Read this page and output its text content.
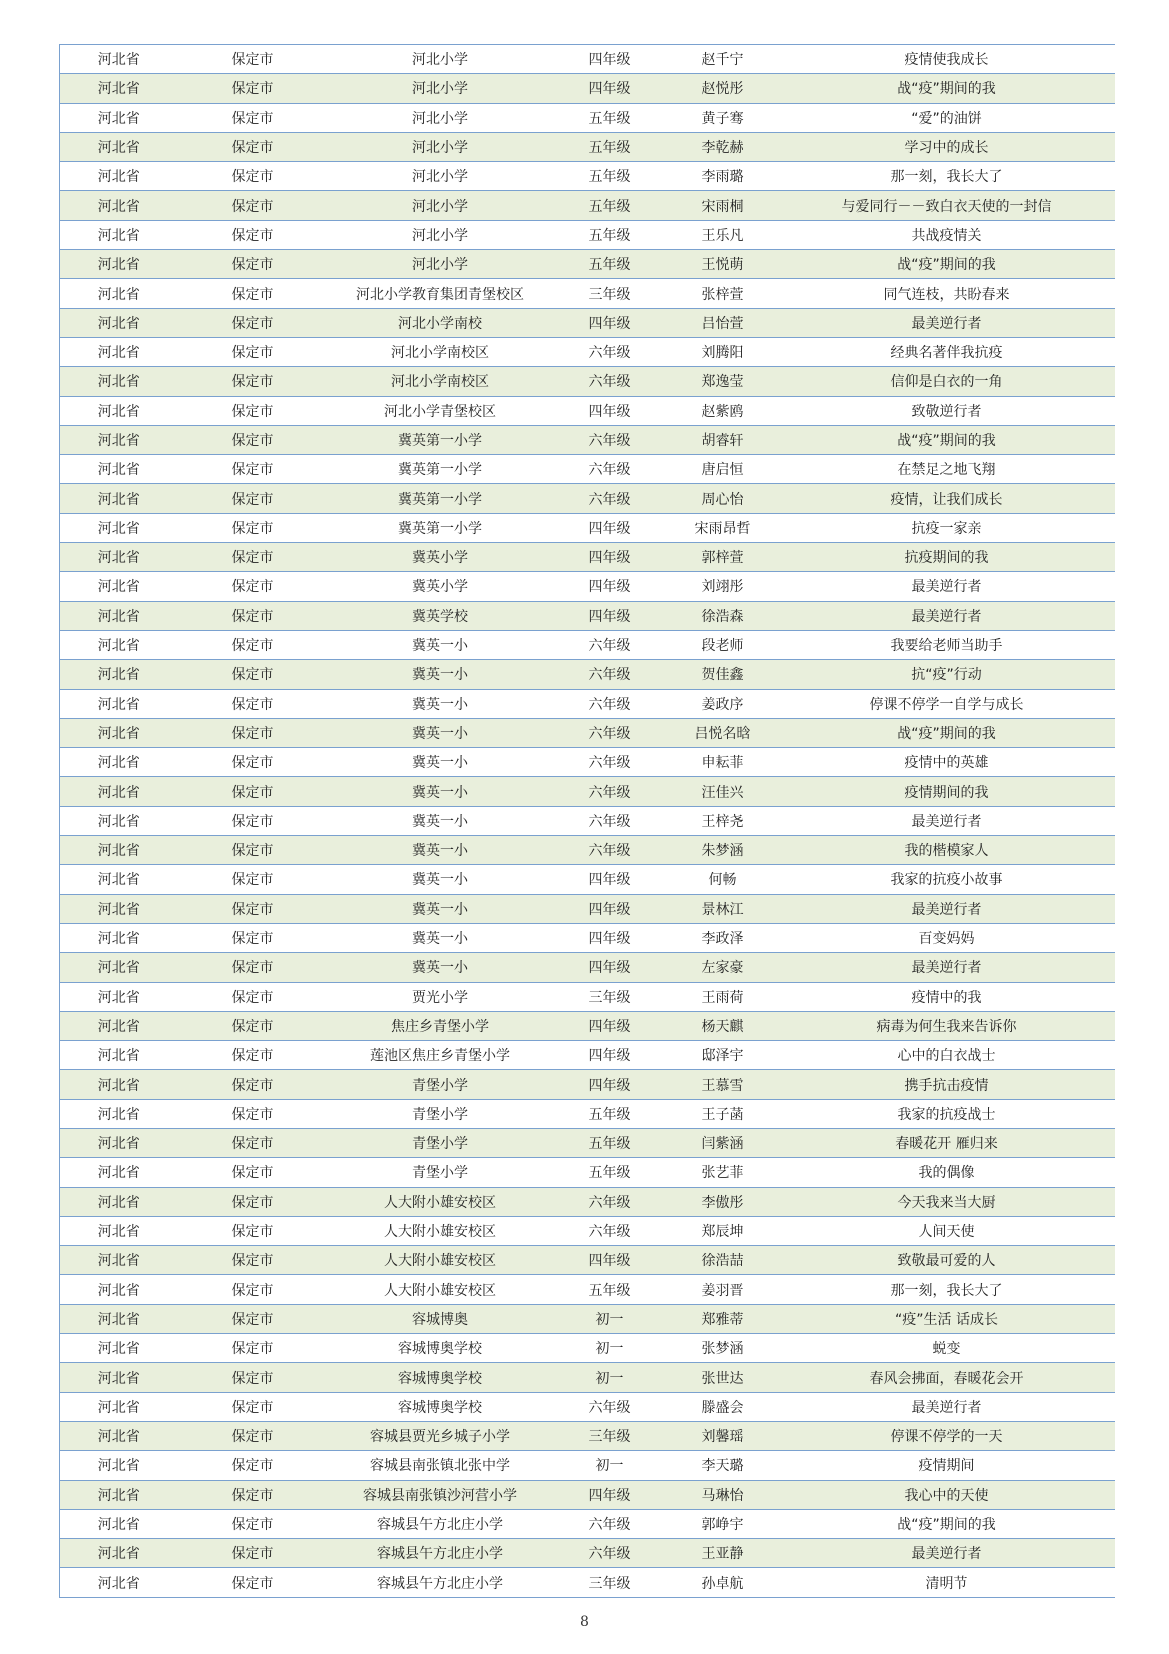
河北省	保定市	河北小学	四年级	赵千宁	疫情使我成长
河北省	保定市	河北小学	四年级	赵悦彤	战“疫”期间的我
河北省	保定市	河北小学	五年级	黄子骞	“爱”的油饼
河北省	保定市	河北小学	五年级	李乾赫	学习中的成长
河北省	保定市	河北小学	五年级	李雨璐	那一刻，我长大了
河北省	保定市	河北小学	五年级	宋雨桐	与爱同行－－致白衣天使的一封信
河北省	保定市	河北小学	五年级	王乐凡	共战疫情关
河北省	保定市	河北小学	五年级	王悦萌	战“疫”期间的我
河北省	保定市	河北小学教育集团青堡校区	三年级	张梓萱	同气连枝，共盼春来
河北省	保定市	河北小学南校	四年级	吕怡萱	最美逆行者
河北省	保定市	河北小学南校区	六年级	刘腾阳	经典名著伴我抗疫
河北省	保定市	河北小学南校区	六年级	郑逸莹	信仰是白衣的一角
河北省	保定市	河北小学青堡校区	四年级	赵紫鸥	致敬逆行者
河北省	保定市	冀英第一小学	六年级	胡睿轩	战“疫”期间的我
河北省	保定市	冀英第一小学	六年级	唐启恒	在禁足之地飞翔
河北省	保定市	冀英第一小学	六年级	周心怡	疫情，让我们成长
河北省	保定市	冀英第一小学	四年级	宋雨昂哲	抗疫一家亲
河北省	保定市	冀英小学	四年级	郭梓萱	抗疫期间的我
河北省	保定市	冀英小学	四年级	刘翊彤	最美逆行者
河北省	保定市	冀英学校	四年级	徐浩森	最美逆行者
河北省	保定市	冀英一小	六年级	段老师	我要给老师当助手
河北省	保定市	冀英一小	六年级	贺佳鑫	抗“疫”行动
河北省	保定市	冀英一小	六年级	姜政序	停课不停学一自学与成长
河北省	保定市	冀英一小	六年级	吕悦名晗	战“疫”期间的我
河北省	保定市	冀英一小	六年级	申耘菲	疫情中的英雄
河北省	保定市	冀英一小	六年级	汪佳兴	疫情期间的我
河北省	保定市	冀英一小	六年级	王梓尧	最美逆行者
河北省	保定市	冀英一小	六年级	朱梦涵	我的楷模家人
河北省	保定市	冀英一小	四年级	何畅	我家的抗疫小故事
河北省	保定市	冀英一小	四年级	景林江	最美逆行者
河北省	保定市	冀英一小	四年级	李政泽	百变妈妈
河北省	保定市	冀英一小	四年级	左家豪	最美逆行者
河北省	保定市	贾光小学	三年级	王雨荷	疫情中的我
河北省	保定市	焦庄乡青堡小学	四年级	杨天麒	病毒为何生我来告诉你
河北省	保定市	莲池区焦庄乡青堡小学	四年级	邸泽宇	心中的白衣战士
河北省	保定市	青堡小学	四年级	王慕雪	携手抗击疫情
河北省	保定市	青堡小学	五年级	王子菡	我家的抗疫战士
河北省	保定市	青堡小学	五年级	闫紫涵	春暖花开 雁归来
河北省	保定市	青堡小学	五年级	张艺菲	我的偶像
河北省	保定市	人大附小雄安校区	六年级	李傲彤	今天我来当大厨
河北省	保定市	人大附小雄安校区	六年级	郑辰坤	人间天使
河北省	保定市	人大附小雄安校区	四年级	徐浩喆	致敬最可爱的人
河北省	保定市	人大附小雄安校区	五年级	姜羽晋	那一刻，我长大了
河北省	保定市	容城博奥	初一	郑雅蒂	“疫”生活 话成长
河北省	保定市	容城博奥学校	初一	张梦涵	蜕变
河北省	保定市	容城博奥学校	初一	张世达	春风会拂面，春暖花会开
河北省	保定市	容城博奥学校	六年级	滕盛会	最美逆行者
河北省	保定市	容城县贾光乡城子小学	三年级	刘馨瑶	停课不停学的一天
河北省	保定市	容城县南张镇北张中学	初一	李天璐	疫情期间
河北省	保定市	容城县南张镇沙河营小学	四年级	马琳怡	我心中的天使
河北省	保定市	容城县午方北庄小学	六年级	郭峥宇	战“疫”期间的我
河北省	保定市	容城县午方北庄小学	六年级	王亚静	最美逆行者
河北省	保定市	容城县午方北庄小学	三年级	孙卓航	清明节
8
